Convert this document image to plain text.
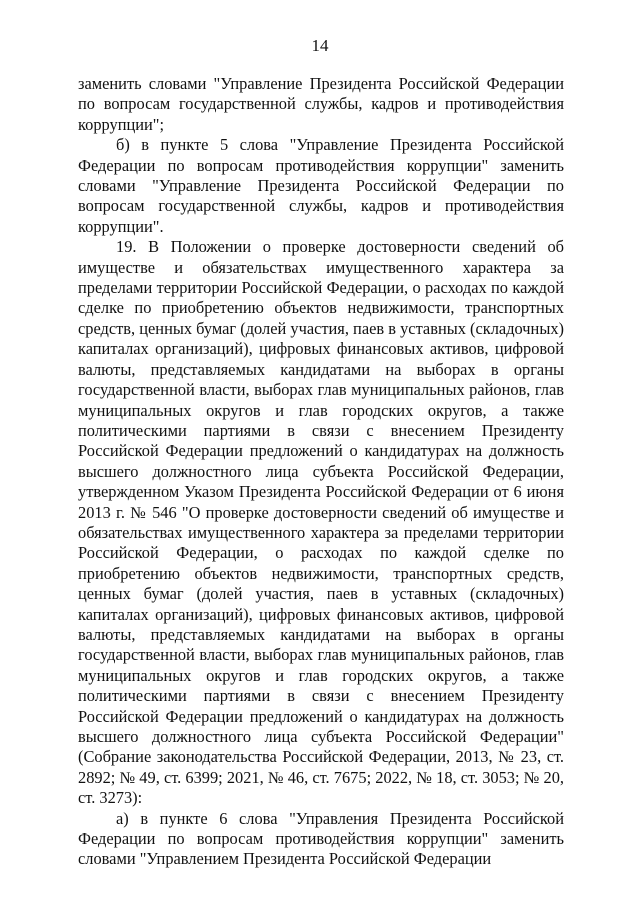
14

заменить словами "Управление Президента Российской Федерации по вопросам государственной службы, кадров и противодействия коррупции";

б) в пункте 5 слова "Управление Президента Российской Федерации по вопросам противодействия коррупции" заменить словами "Управление Президента Российской Федерации по вопросам государственной службы, кадров и противодействия коррупции".

19. В Положении о проверке достоверности сведений об имуществе и обязательствах имущественного характера за пределами территории Российской Федерации, о расходах по каждой сделке по приобретению объектов недвижимости, транспортных средств, ценных бумаг (долей участия, паев в уставных (складочных) капиталах организаций), цифровых финансовых активов, цифровой валюты, представляемых кандидатами на выборах в органы государственной власти, выборах глав муниципальных районов, глав муниципальных округов и глав городских округов, а также политическими партиями в связи с внесением Президенту Российской Федерации предложений о кандидатурах на должность высшего должностного лица субъекта Российской Федерации, утвержденном Указом Президента Российской Федерации от 6 июня 2013 г. № 546 "О проверке достоверности сведений об имуществе и обязательствах имущественного характера за пределами территории Российской Федерации, о расходах по каждой сделке по приобретению объектов недвижимости, транспортных средств, ценных бумаг (долей участия, паев в уставных (складочных) капиталах организаций), цифровых финансовых активов, цифровой валюты, представляемых кандидатами на выборах в органы государственной власти, выборах глав муниципальных районов, глав муниципальных округов и глав городских округов, а также политическими партиями в связи с внесением Президенту Российской Федерации предложений о кандидатурах на должность высшего должностного лица субъекта Российской Федерации" (Собрание законодательства Российской Федерации, 2013, № 23, ст. 2892; № 49, ст. 6399; 2021, № 46, ст. 7675; 2022, № 18, ст. 3053; № 20, ст. 3273):

а) в пункте 6 слова "Управления Президента Российской Федерации по вопросам противодействия коррупции" заменить словами "Управлением Президента Российской Федерации
